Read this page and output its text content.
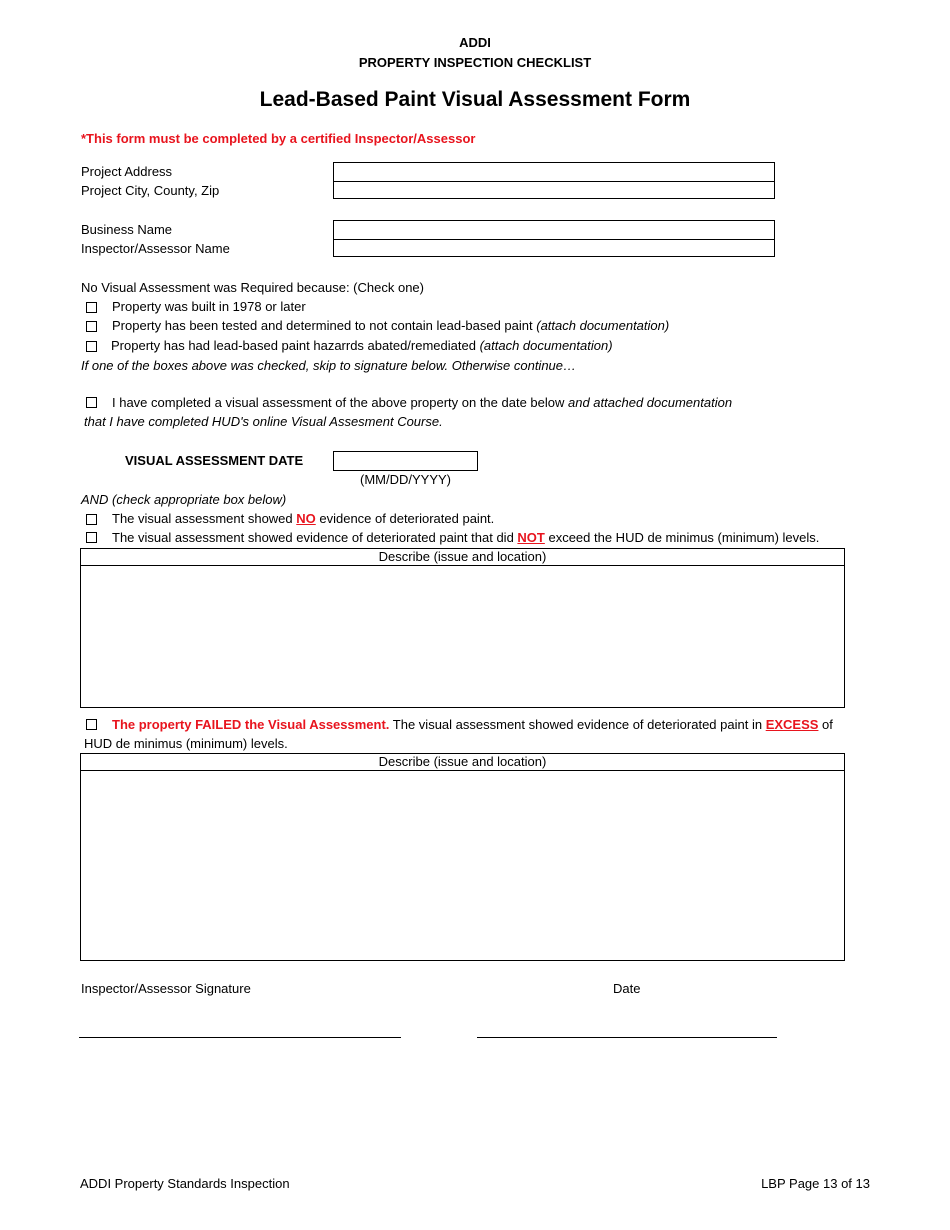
ADDI
PROPERTY INSPECTION CHECKLIST
Lead-Based Paint Visual Assessment Form
*This form must be completed by a certified Inspector/Assessor
Project Address
Project City, County, Zip
Business Name
Inspector/Assessor Name
No Visual Assessment was Required because: (Check one)
Property was built in 1978 or later
Property has been tested and determined to not contain lead-based paint (attach documentation)
Property has had lead-based paint hazarrds abated/remediated (attach documentation)
If one of the boxes above was checked, skip to signature below. Otherwise continue…
I have completed a visual assessment of the above property on the date below and attached documentation
that I have completed HUD's online Visual Assesment Course.
VISUAL ASSESSMENT DATE
(MM/DD/YYYY)
AND (check appropriate box below)
The visual assessment showed NO evidence of deteriorated paint.
The visual assessment showed evidence of deteriorated paint that did NOT exceed the HUD de minimus (minimum) levels.
Describe (issue and location)
The property FAILED the Visual Assessment. The visual assessment showed evidence of deteriorated paint in EXCESS of
HUD de minimus (minimum) levels.
Describe (issue and location)
Inspector/Assessor Signature	Date
ADDI Property Standards Inspection	LBP Page 13 of 13
